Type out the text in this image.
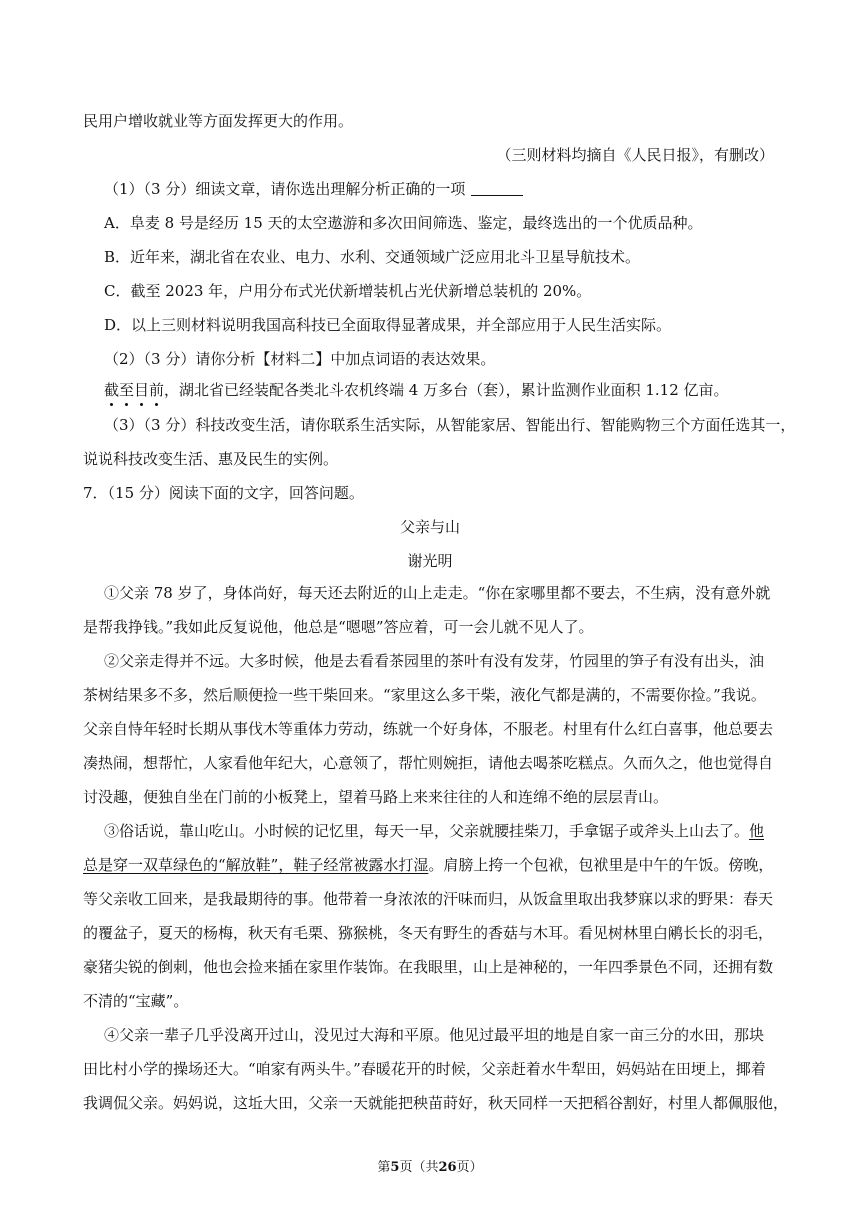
民用户增收就业等方面发挥更大的作用。
（三则材料均摘自《人民日报》，有删改）
（1）（3 分）细读文章，请你选出理解分析正确的一项
A．阜麦 8 号是经历 15 天的太空遨游和多次田间筛选、鉴定，最终选出的一个优质品种。
B．近年来，湖北省在农业、电力、水利、交通领域广泛应用北斗卫星导航技术。
C．截至 2023 年，户用分布式光伏新增装机占光伏新增总装机的 20%。
D．以上三则材料说明我国高科技已全面取得显著成果，并全部应用于人民生活实际。
（2）（3 分）请你分析【材料二】中加点词语的表达效果。
截至目前
，湖北省已经装配各类北斗农机终端 4 万多台（套），累计监测作业面积 1.12 亿亩。
（3）（3 分）科技改变生活，请你联系生活实际，从智能家居、智能出行、智能购物三个方面任选其一，
说说科技改变生活、惠及民生的实例。
7．（15 分）阅读下面的文字，回答问题。
父亲与山
谢光明
①父亲 78 岁了，身体尚好，每天还去附近的山上走走。“你在家哪里都不要去，不生病，没有意外就
是帮我挣钱。”我如此反复说他，他总是“嗯嗯”答应着，可一会儿就不见人了。
②父亲走得并不远。大多时候，他是去看看茶园里的茶叶有没有发芽，竹园里的笋子有没有出头，油
茶树结果多不多，然后顺便捡一些干柴回来。“家里这么多干柴，液化气都是满的，不需要你捡。”我说。
父亲自恃年轻时长期从事伐木等重体力劳动，练就一个好身体，不服老。村里有什么红白喜事，他总要去
凑热闹，想帮忙，人家看他年纪大，心意领了，帮忙则婉拒，请他去喝茶吃糕点。久而久之，他也觉得自
讨没趣，便独自坐在门前的小板凳上，望着马路上来来往往的人和连绵不绝的层层青山。
③俗话说，靠山吃山。小时候的记忆里，每天一早，父亲就腰挂柴刀，手拿锯子或斧头上山去了。他
总是穿一双草绿色的“解放鞋”，鞋子经常被露水打湿。肩膀上挎一个包袱，包袱里是中午的午饭。傍晚，
等父亲收工回来，是我最期待的事。他带着一身浓浓的汗味而归，从饭盒里取出我梦寐以求的野果：春天
的覆盆子，夏天的杨梅，秋天有毛栗、猕猴桃，冬天有野生的香菇与木耳。看见树林里白鹇长长的羽毛，
豪猪尖锐的倒刺，他也会捡来插在家里作装饰。在我眼里，山上是神秘的，一年四季景色不同，还拥有数
不清的“宝藏”。
④父亲一辈子几乎没离开过山，没见过大海和平原。他见过最平坦的地是自家一亩三分的水田，那块
田比村小学的操场还大。“咱家有两头牛。”春暖花开的时候，父亲赶着水牛犁田，妈妈站在田埂上，揶着
我调侃父亲。妈妈说，这坵大田，父亲一天就能把秧苗莳好，秋天同样一天把稻谷割好，村里人都佩服他，
第5页（共26页）
